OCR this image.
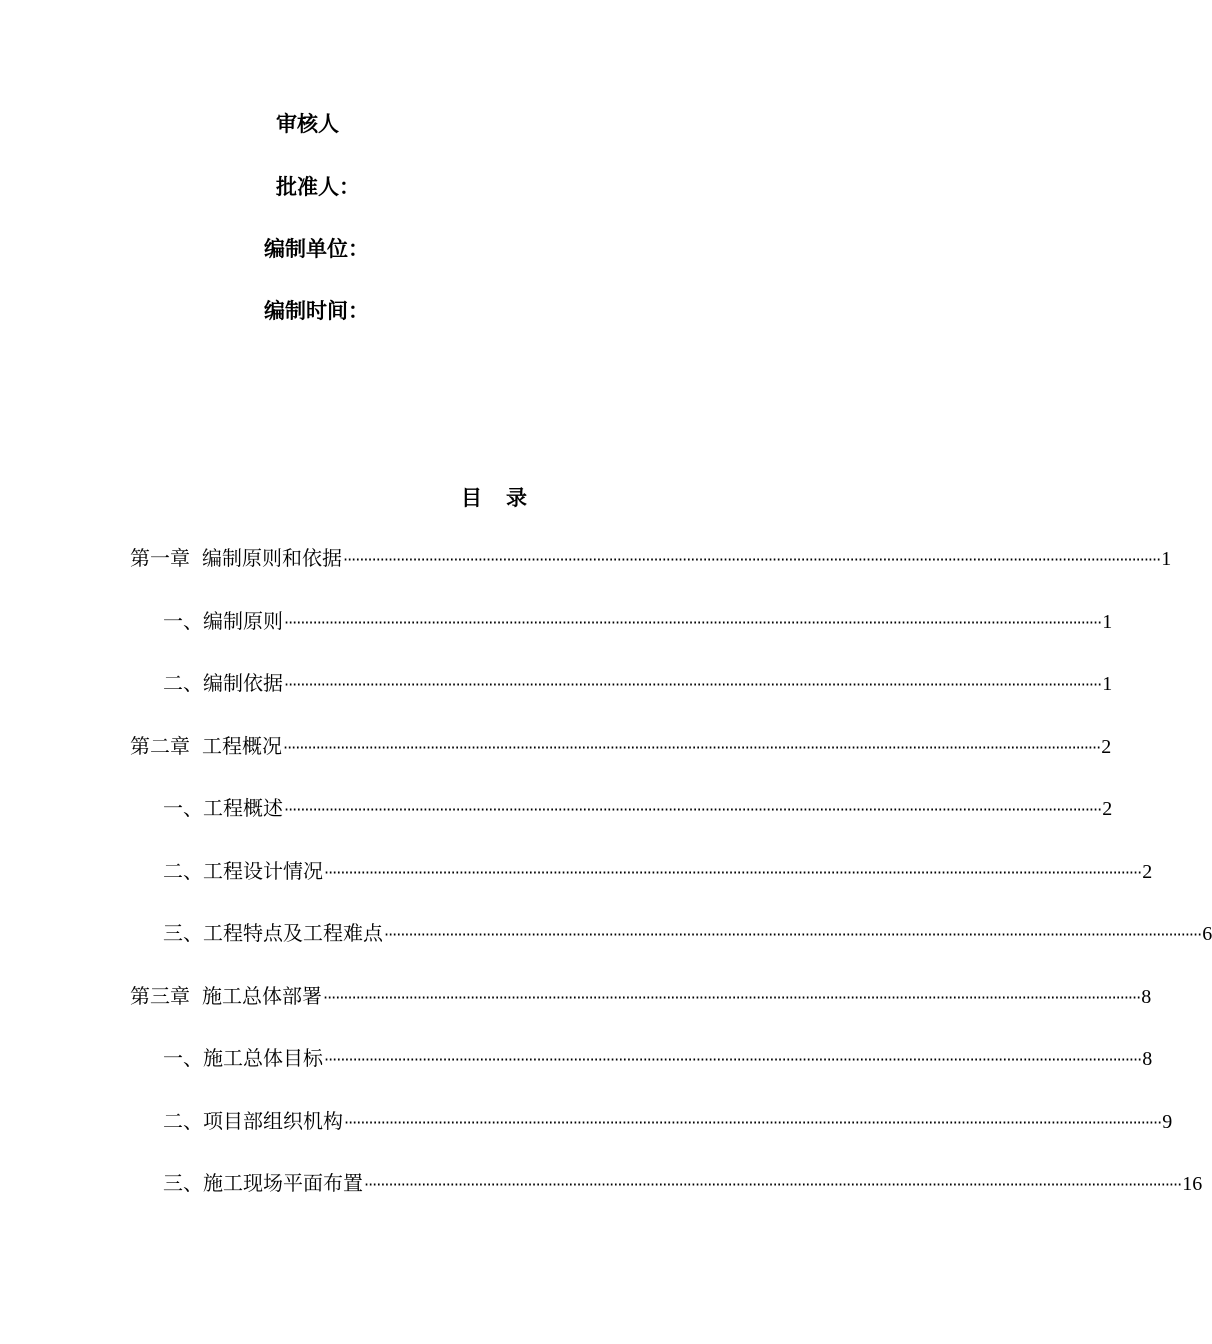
审核人
批准人：
编制单位：
编制时间：
目 录
第一章 编制原则和依据 ········································································································································································································ 1
一、编制原则 ········································································································································································································ 1
二、编制依据 ········································································································································································································ 1
第二章 工程概况 ········································································································································································································ 2
一、工程概述 ········································································································································································································ 2
二、工程设计情况 ········································································································································································································ 2
三、工程特点及工程难点 ········································································································································································································ 6
第三章 施工总体部署 ········································································································································································································ 8
一、施工总体目标 ········································································································································································································ 8
二、项目部组织机构 ········································································································································································································ 9
三、施工现场平面布置 ········································································································································································································ 16
